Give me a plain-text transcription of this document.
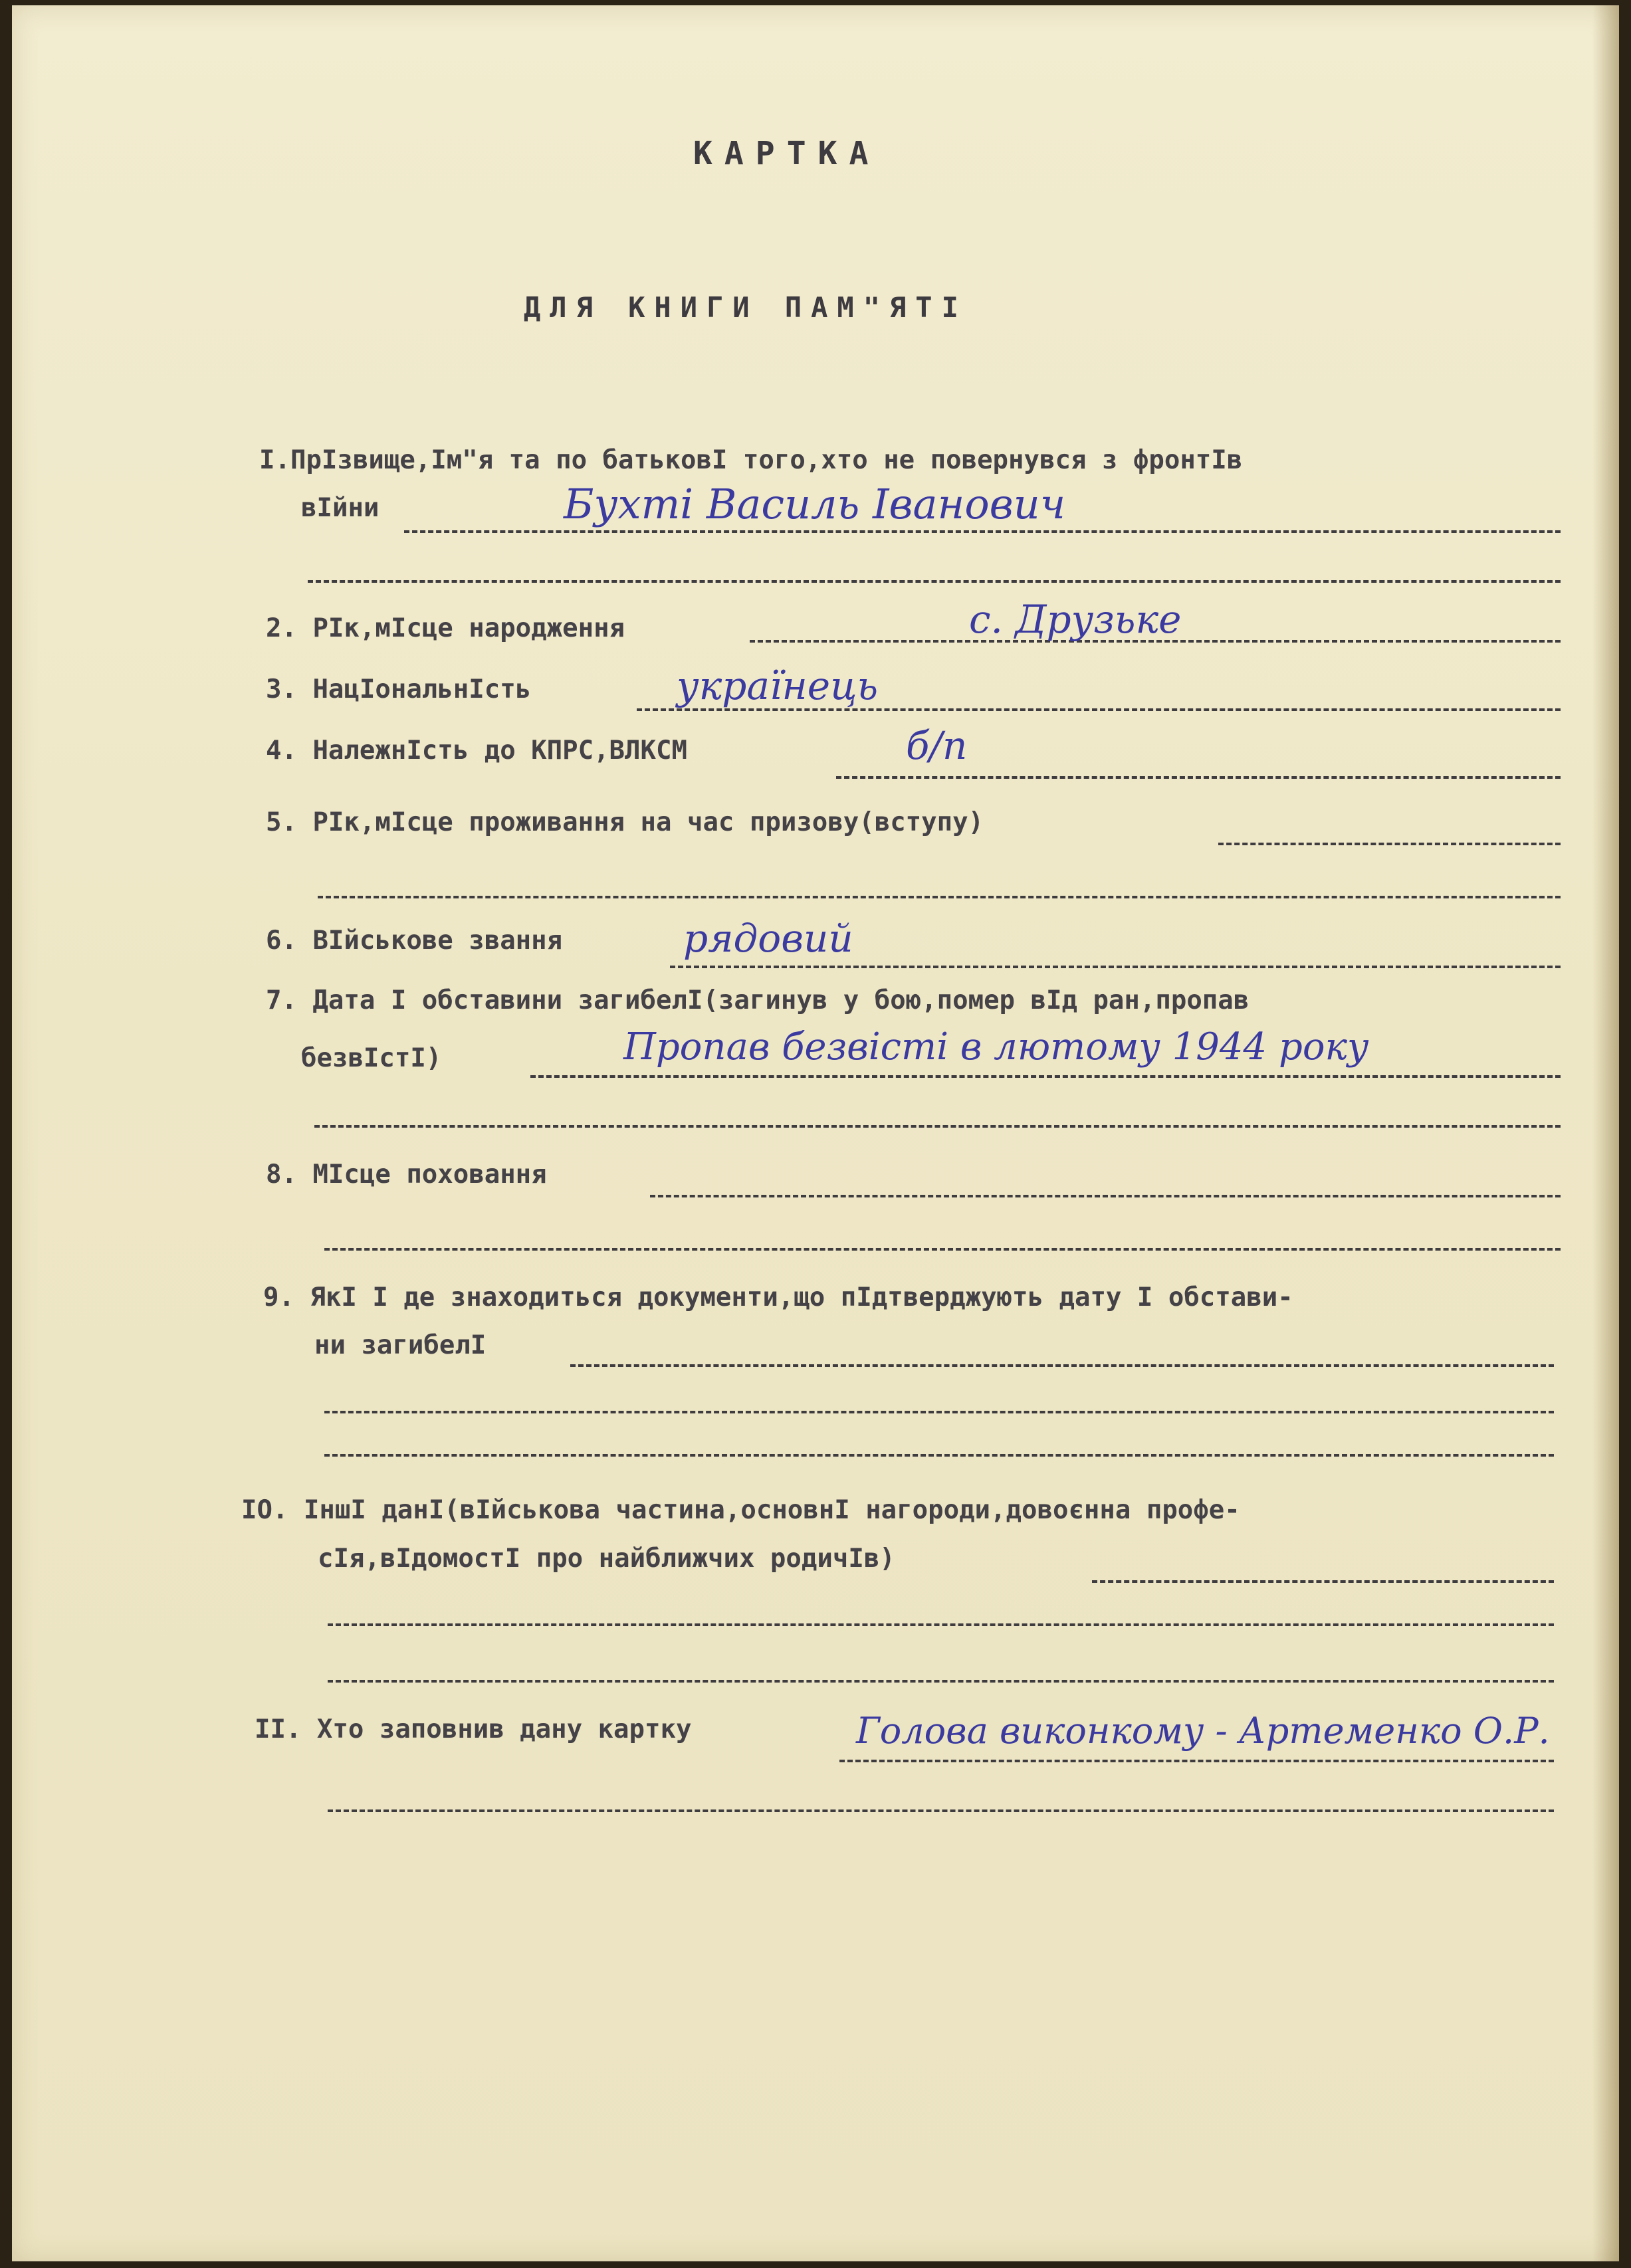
КАРТКА
ДЛЯ КНИГИ ПАМ"ЯТІ
І.ПрІзвище,Ім"я та по батьковІ того,хто не повернувся з фронтІв
вІйни	Бухті Василь Іванович
2. РІк,мІсце народження	с. Друзьке
3. НацІональнІсть	українець
4. НалежнІсть до КПРС,ВЛКСМ	б/п
5. РІк,мІсце проживання на час призову(вступу)
6. ВІйськове звання	рядовий
7. Дата І обставини загибелІ(загинув у бою,помер вІд ран,пропав
безвІстІ)	Пропав безвісті в лютому 1944 року
8. МІсце поховання
9. ЯкІ І де знаходиться документи,що пІдтверджують дату І обстави-
ни загибелІ
IO. ІншІ данІ(вІйськова частина,основнІ нагороди,довоєнна профе-
сІя,вІдомостІ про найближчих родичІв)
II. Хто заповнив дану картку	Голова виконкому - Артеменко О.Р.
